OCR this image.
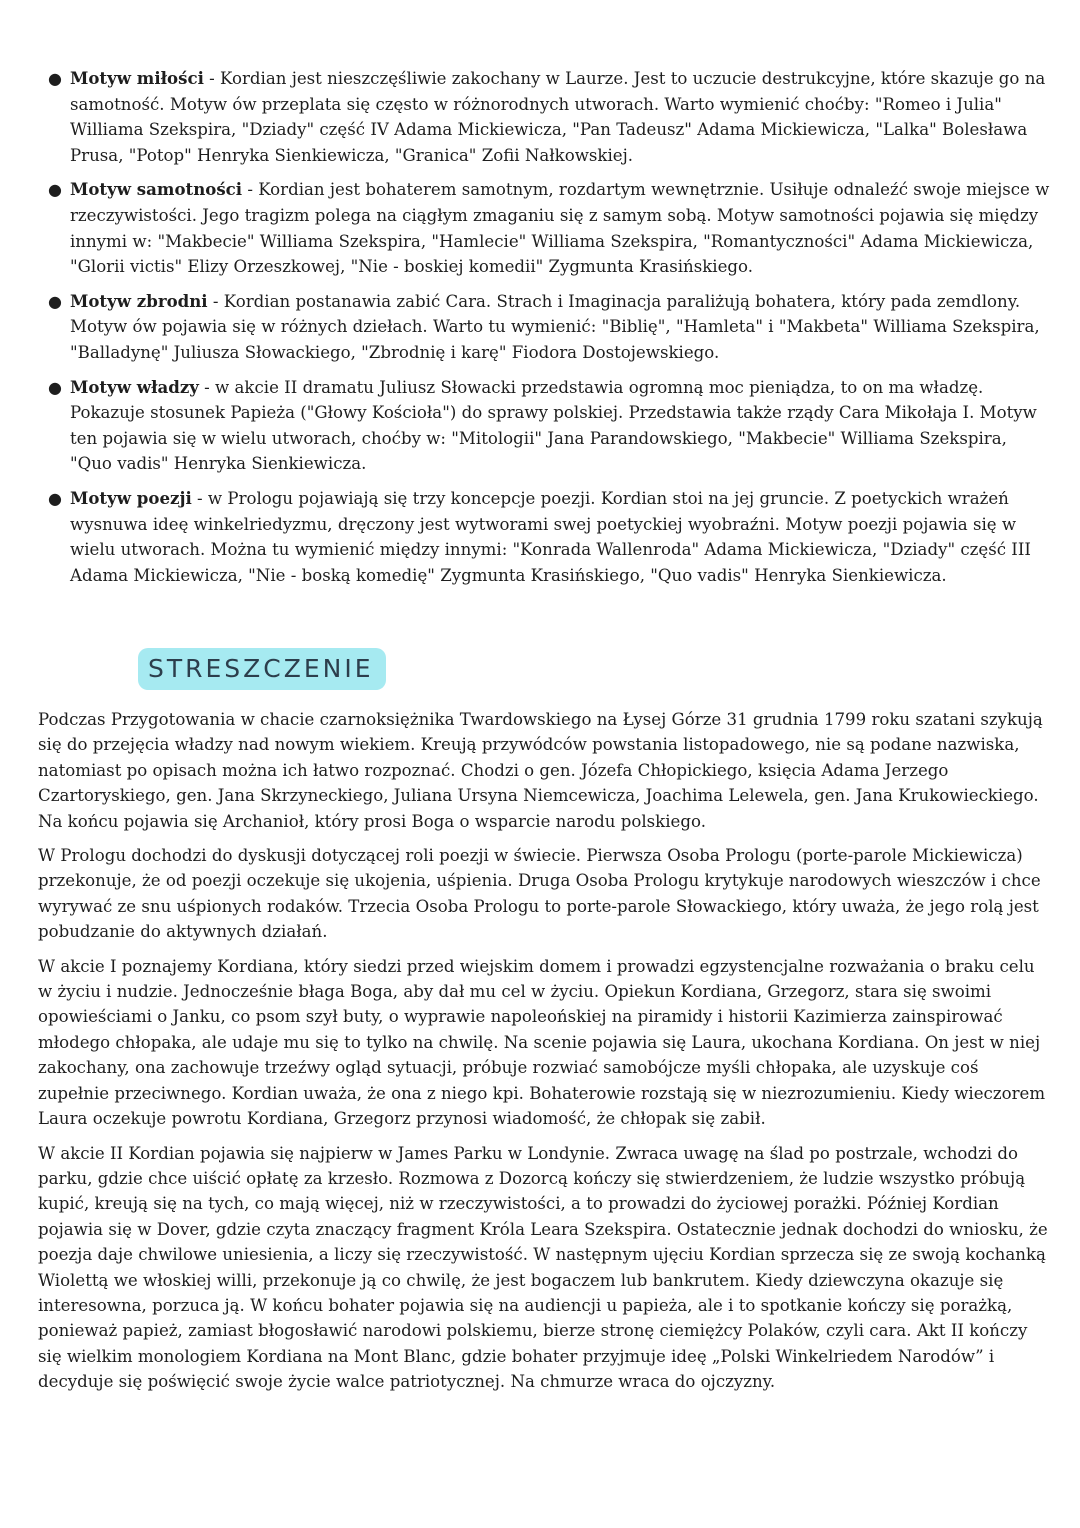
● Motyw miłości - Kordian jest nieszczęśliwie zakochany w Laurze. Jest to uczucie destrukcyjne, które skazuje go na samotność. Motyw ów przeplata się często w różnorodnych utworach. Warto wymienić choćby: "Romeo i Julia" Williama Szekspira, "Dziady" część IV Adama Mickiewicza, "Pan Tadeusz" Adama Mickiewicza, "Lalka" Bolesława Prusa, "Potop" Henryka Sienkiewicza, "Granica" Zofii Nałkowskiej.
● Motyw samotności - Kordian jest bohaterem samotnym, rozdartym wewnętrznie. Usiłuje odnaleźć swoje miejsce w rzeczywistości. Jego tragizm polega na ciągłym zmaganiu się z samym sobą. Motyw samotności pojawia się między innymi w: "Makbecie" Williama Szekspira, "Hamlecie" Williama Szekspira, "Romantyczności" Adama Mickiewicza, "Glorii victis" Elizy Orzeszkowej, "Nie - boskiej komedii" Zygmunta Krasińskiego.
● Motyw zbrodni - Kordian postanawia zabić Cara. Strach i Imaginacja paraliżują bohatera, który pada zemdlony. Motyw ów pojawia się w różnych dziełach. Warto tu wymienić: "Biblię", "Hamleta" i "Makbeta" Williama Szekspira, "Balladynę" Juliusza Słowackiego, "Zbrodnię i karę" Fiodora Dostojewskiego.
● Motyw władzy - w akcie II dramatu Juliusz Słowacki przedstawia ogromną moc pieniądza, to on ma władzę. Pokazuje stosunek Papieża ("Głowy Kościoła") do sprawy polskiej. Przedstawia także rządy Cara Mikołaja I. Motyw ten pojawia się w wielu utworach, choćby w: "Mitologii" Jana Parandowskiego, "Makbecie" Williama Szekspira, "Quo vadis" Henryka Sienkiewicza.
● Motyw poezji - w Prologu pojawiają się trzy koncepcje poezji. Kordian stoi na jej gruncie. Z poetyckich wrażeń wysnuwa ideę winkelriedyzmu, dręczony jest wytworami swej poetyckiej wyobraźni. Motyw poezji pojawia się w wielu utworach. Można tu wymienić między innymi: "Konrada Wallenroda" Adama Mickiewicza, "Dziady" część III Adama Mickiewicza, "Nie - boską komedię" Zygmunta Krasińskiego, "Quo vadis" Henryka Sienkiewicza.
STRESZCZENIE

Podczas Przygotowania w chacie czarnoksiężnika Twardowskiego na Łysej Górze 31 grudnia 1799 roku szatani szykują się do przejęcia władzy nad nowym wiekiem. Kreują przywódców powstania listopadowego, nie są podane nazwiska, natomiast po opisach można ich łatwo rozpoznać. Chodzi o gen. Józefa Chłopickiego, księcia Adama Jerzego Czartoryskiego, gen. Jana Skrzyneckiego, Juliana Ursyna Niemcewicza, Joachima Lelewela, gen. Jana Krukowieckiego. Na końcu pojawia się Archanioł, który prosi Boga o wsparcie narodu polskiego.

W Prologu dochodzi do dyskusji dotyczącej roli poezji w świecie. Pierwsza Osoba Prologu (porte-parole Mickiewicza) przekonuje, że od poezji oczekuje się ukojenia, uśpienia. Druga Osoba Prologu krytykuje narodowych wieszczów i chce wyrywać ze snu uśpionych rodaków. Trzecia Osoba Prologu to porte-parole Słowackiego, który uważa, że jego rolą jest pobudzanie do aktywnych działań.

W akcie I poznajemy Kordiana, który siedzi przed wiejskim domem i prowadzi egzystencjalne rozważania o braku celu w życiu i nudzie. Jednocześnie błaga Boga, aby dał mu cel w życiu. Opiekun Kordiana, Grzegorz, stara się swoimi opowieściami o Janku, co psom szył buty, o wyprawie napoleońskiej na piramidy i historii Kazimierza zainspirować młodego chłopaka, ale udaje mu się to tylko na chwilę. Na scenie pojawia się Laura, ukochana Kordiana. On jest w niej zakochany, ona zachowuje trzeźwy ogląd sytuacji, próbuje rozwiać samobójcze myśli chłopaka, ale uzyskuje coś zupełnie przeciwnego. Kordian uważa, że ona z niego kpi. Bohaterowie rozstają się w niezrozumieniu. Kiedy wieczorem Laura oczekuje powrotu Kordiana, Grzegorz przynosi wiadomość, że chłopak się zabił.

W akcie II Kordian pojawia się najpierw w James Parku w Londynie. Zwraca uwagę na ślad po postrzale, wchodzi do parku, gdzie chce uiścić opłatę za krzesło. Rozmowa z Dozorcą kończy się stwierdzeniem, że ludzie wszystko próbują kupić, kreują się na tych, co mają więcej, niż w rzeczywistości, a to prowadzi do życiowej porażki. Później Kordian pojawia się w Dover, gdzie czyta znaczący fragment Króla Leara Szekspira. Ostatecznie jednak dochodzi do wniosku, że poezja daje chwilowe uniesienia, a liczy się rzeczywistość. W następnym ujęciu Kordian sprzecza się ze swoją kochanką Wiolettą we włoskiej willi, przekonuje ją co chwilę, że jest bogaczem lub bankrutem. Kiedy dziewczyna okazuje się interesowna, porzuca ją. W końcu bohater pojawia się na audiencji u papieża, ale i to spotkanie kończy się porażką, ponieważ papież, zamiast błogosławić narodowi polskiemu, bierze stronę ciemiężcy Polaków, czyli cara. Akt II kończy się wielkim monologiem Kordiana na Mont Blanc, gdzie bohater przyjmuje ideę „Polski Winkelriedem Narodów” i decyduje się poświęcić swoje życie walce patriotycznej. Na chmurze wraca do ojczyzny.
